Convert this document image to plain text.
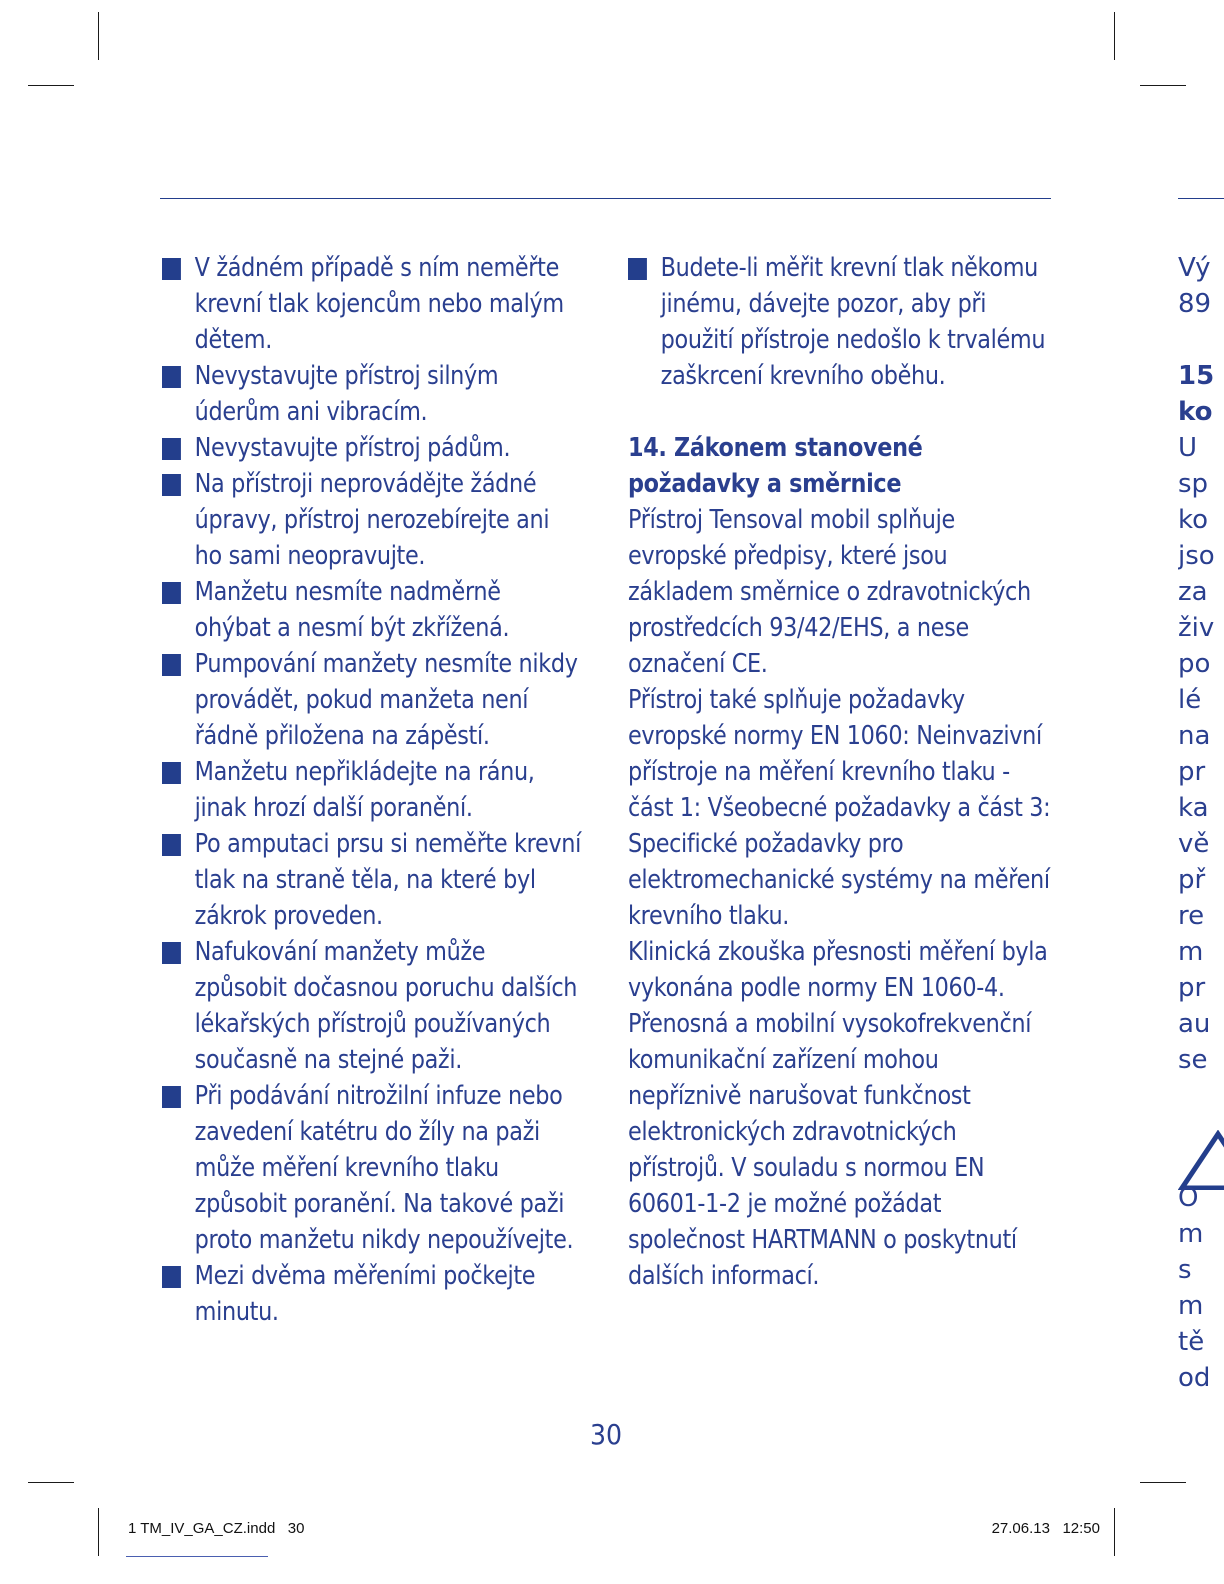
V žádném případě s ním neměřte krevní tlak kojencům nebo malým dětem.
Nevystavujte přístroj silným úderům ani vibracím.
Nevystavujte přístroj pádům.
Na přístroji neprovádějte žádné úpravy, přístroj nerozebírejte ani ho sami neopravujte.
Manžetu nesmíte nadměrně ohýbat a nesmí být zkřížená.
Pumpování manžety nesmíte nikdy provádět, pokud manžeta není řádně přiložena na zápěstí.
Manžetu nepřikládejte na ránu, jinak hrozí další poranění.
Po amputaci prsu si neměřte krevní tlak na straně těla, na které byl zákrok proveden.
Nafukování manžety může způsobit dočasnou poruchu dalších lékařských přístrojů používaných současně na stejné paži.
Při podávání nitrožilní infuze nebo zavedení katétru do žíly na paži může měření krevního tlaku způsobit poranění. Na takové paži proto manžetu nikdy nepoužívejte.
Mezi dvěma měřeními počkejte minutu.
Budete-li měřit krevní tlak někomu jinému, dávejte pozor, aby při použití přístroje nedošlo k trvalému zaškrcení krevního oběhu.
14. Zákonem stanovené
požadavky a směrnice

Přístroj Tensoval mobil splňuje evropské předpisy, které jsou základem směrnice o zdravotnických prostředcích 93/42/EHS, a nese označení CE.

Přístroj také splňuje požadavky evropské normy EN 1060: Neinvazivní přístroje na měření krevního tlaku - část 1: Všeobecné požadavky a část 3: Specifické požadavky pro elektromechanické systémy na měření krevního tlaku.

Klinická zkouška přesnosti měření byla vykonána podle normy EN 1060-4.

Přenosná a mobilní vysokofrekvenční komunikační zařízení mohou nepříznivě narušovat funkčnost elektronických zdravotnických přístrojů. V souladu s normou EN 60601-1-2 je možné požádat společnost HARTMANN o poskytnutí dalších informací.

Vý
89
15
ko
U
sp
ko
jso
za
živ
po
lé
na
pr
ka
vě
př
re
m
pr
au
se
O
m
s
m
tě
od
30
1 TM_IV_GA_CZ.indd   30	27.06.13   12:50
